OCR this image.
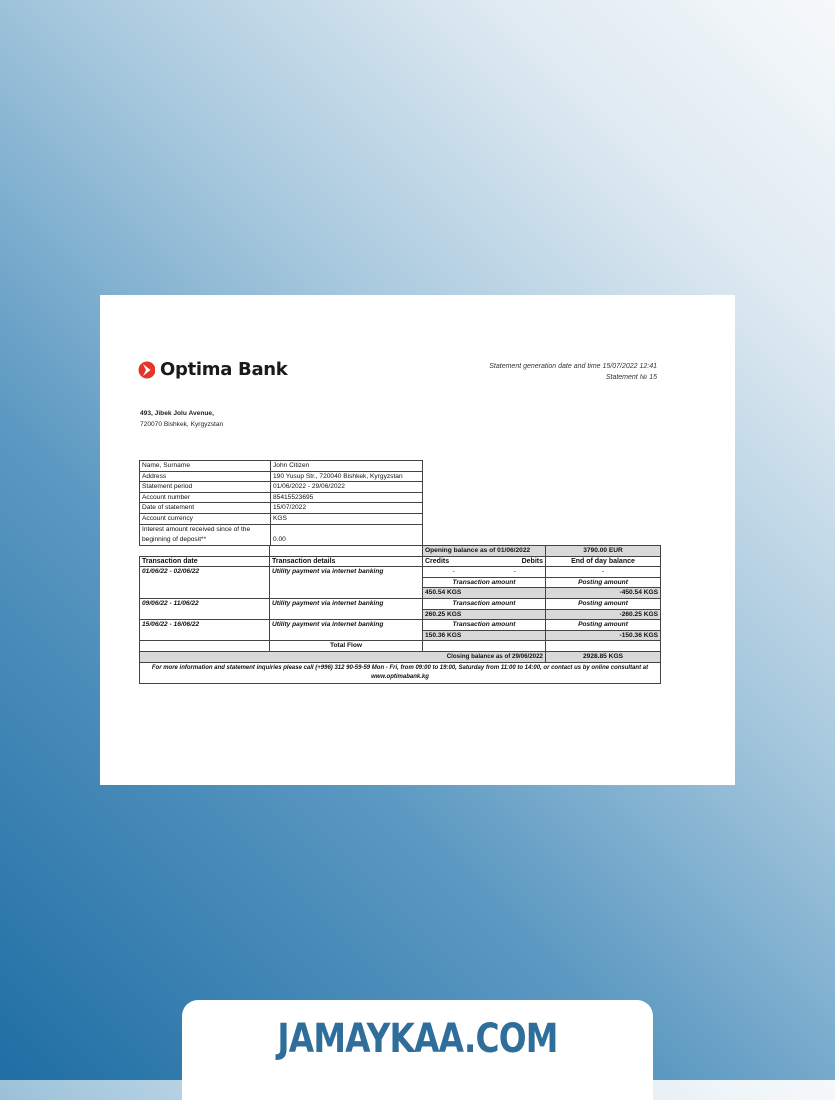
Optima Bank	Statement generation date and time 15/07/2022 12:41
Statement № 15
493, Jibek Jolu Avenue,
720070 Bishkek, Kyrgyzstan
Name, Surname	John Citizen
Address	190 Yusup Str., 720040 Bishkek, Kyrgyzstan
Statement period	01/06/2022 - 29/06/2022
Account number	85415523695
Date of statement	15/07/2022
Account currency	KGS
Interest amount received since of the beginning of deposit**	0.00
		Opening balance as of 01/06/2022		3790.00 EUR
Transaction date	Transaction details	Credits	Debits	End of day balance
01/06/22 - 02/06/22	Utility payment via internet banking	-	-	-
		Transaction amount		Posting amount
		450.54 KGS		-450.54 KGS
09/06/22 - 11/06/22	Utility payment via internet banking	Transaction amount		Posting amount
		260.25 KGS		-260.25 KGS
15/06/22 - 16/06/22	Utility payment via internet banking	Transaction amount		Posting amount
		150.36 KGS		-150.36 KGS
	Total Flow			
Closing balance as of 29/06/2022				2928.85 KGS
For more information and statement inquiries please call (+996) 312 90-59-59 Mon - Fri, from 09:00 to 19:00, Saturday from 11:00 to 14:00, or contact us by online consultant at www.optimabank.kg				
JAMAYKAA.COM
